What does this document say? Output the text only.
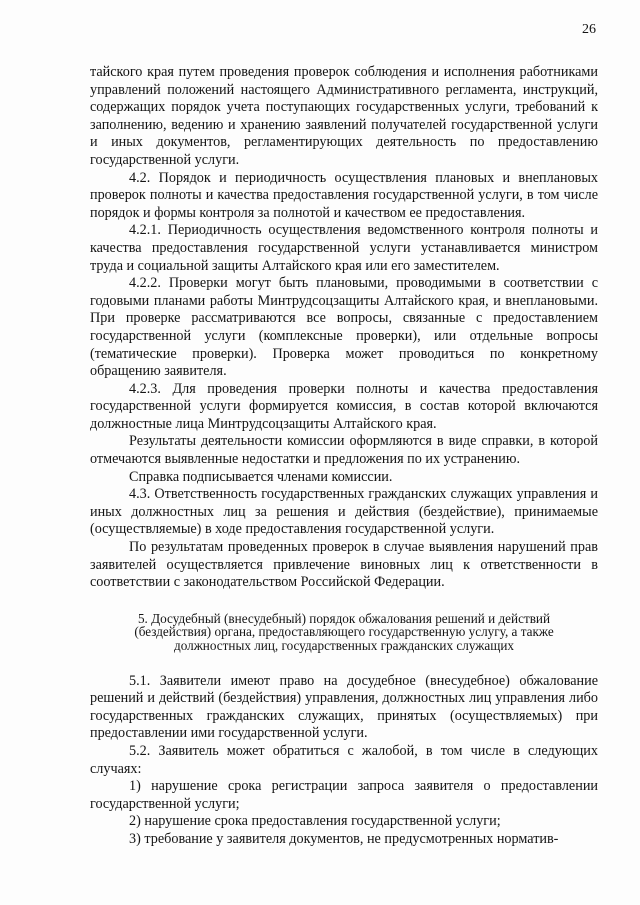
26

тайского края путем проведения проверок соблюдения и исполнения работниками управлений положений настоящего Административного регламента, инструкций, содержащих порядок учета поступающих государственных услуги, требований к заполнению, ведению и хранению заявлений получателей государственной услуги и иных документов, регламентирующих деятельность по предоставлению государственной услуги.

4.2. Порядок и периодичность осуществления плановых и внеплановых проверок полноты и качества предоставления государственной услуги, в том числе порядок и формы контроля за полнотой и качеством ее предоставления.

4.2.1. Периодичность осуществления ведомственного контроля полноты и качества предоставления государственной услуги устанавливается министром труда и социальной защиты Алтайского края или его заместителем.

4.2.2. Проверки могут быть плановыми, проводимыми в соответствии с годовыми планами работы Минтрудсоцзащиты Алтайского края, и внеплановыми. При проверке рассматриваются все вопросы, связанные с предоставлением государственной услуги (комплексные проверки), или отдельные вопросы (тематические проверки). Проверка может проводиться по конкретному обращению заявителя.

4.2.3. Для проведения проверки полноты и качества предоставления государственной услуги формируется комиссия, в состав которой включаются должностные лица Минтрудсоцзащиты Алтайского края.

Результаты деятельности комиссии оформляются в виде справки, в которой отмечаются выявленные недостатки и предложения по их устранению.

Справка подписывается членами комиссии.

4.3. Ответственность государственных гражданских служащих управления и иных должностных лиц за решения и действия (бездействие), принимаемые (осуществляемые) в ходе предоставления государственной услуги.

По результатам проведенных проверок в случае выявления нарушений прав заявителей осуществляется привлечение виновных лиц к ответственности в соответствии с законодательством Российской Федерации.

5. Досудебный (внесудебный) порядок обжалования решений и действий (бездействия) органа, предоставляющего государственную услугу, а также должностных лиц, государственных гражданских служащих

5.1. Заявители имеют право на досудебное (внесудебное) обжалование решений и действий (бездействия) управления, должностных лиц управления либо государственных гражданских служащих, принятых (осуществляемых) при предоставлении ими государственной услуги.

5.2. Заявитель может обратиться с жалобой, в том числе в следующих случаях:

1) нарушение срока регистрации запроса заявителя о предоставлении государственной услуги;

2) нарушение срока предоставления государственной услуги;

3) требование у заявителя документов, не предусмотренных норматив-
